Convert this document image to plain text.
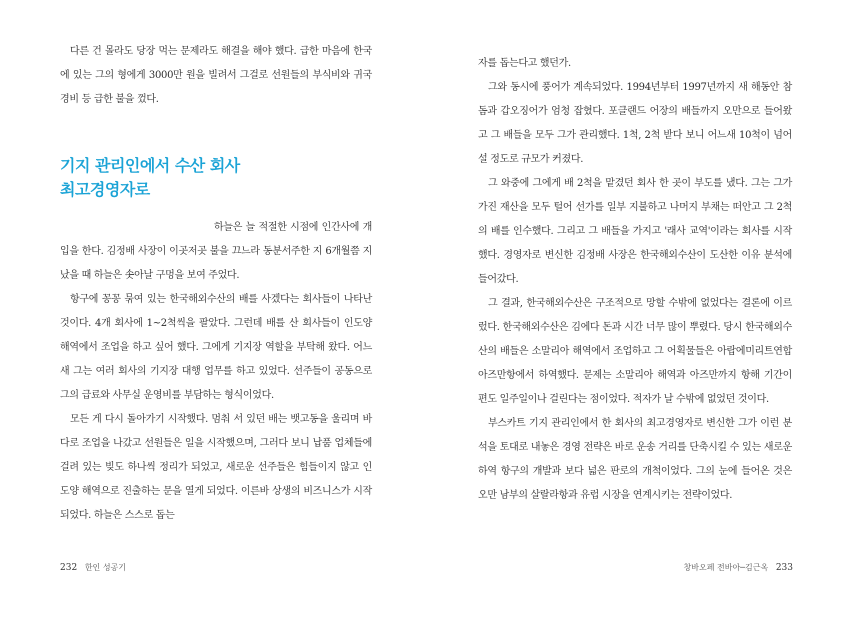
다른 건 몰라도 당장 먹는 문제라도 해결을 해야 했다. 급한 마음에 한국에 있는 그의 형에게 3000만 원을 빌려서 그걸로 선원들의 부식비와 귀국 경비 등 급한 불을 껐다.

기지 관리인에서 수산 회사
최고경영자로

하늘은 늘 적절한 시점에 인간사에 개입을 한다. 김정배 사장이 이곳저곳 불을 끄느라 동분서주한 지 6개월쯤 지났을 때 하늘은 솟아날 구멍을 보여 주었다.

항구에 꽁꽁 묶여 있는 한국해외수산의 배를 사겠다는 회사들이 나타난 것이다. 4개 회사에 1~2척씩을 팔았다. 그런데 배를 산 회사들이 인도양 해역에서 조업을 하고 싶어 했다. 그에게 기지장 역할을 부탁해 왔다. 어느새 그는 여러 회사의 기지장 대행 업무를 하고 있었다. 선주들이 공동으로 그의 급료와 사무실 운영비를 부담하는 형식이었다.

모든 게 다시 돌아가기 시작했다. 멈춰 서 있던 배는 뱃고동을 울리며 바다로 조업을 나갔고 선원들은 일을 시작했으며, 그러다 보니 납품 업체들에 걸려 있는 빚도 하나씩 정리가 되었고, 새로운 선주들은 힘들이지 않고 인도양 해역으로 진출하는 문을 열게 되었다. 이른바 상생의 비즈니스가 시작되었다. 하늘은 스스로 돕는

232 한인 성공기

자를 돕는다고 했던가.

그와 동시에 풍어가 계속되었다. 1994년부터 1997년까지 새 해동안 참돔과 갑오징어가 엄청 잡혔다. 포클랜드 어장의 배들까지 오만으로 들어왔고 그 배들을 모두 그가 관리했다. 1척, 2척 받다 보니 어느새 10척이 넘어설 정도로 규모가 커졌다.

그 와중에 그에게 배 2척을 맡겼던 회사 한 곳이 부도를 냈다. 그는 그가 가진 재산을 모두 털어 선가를 일부 지불하고 나머지 부채는 떠안고 그 2척의 배를 인수했다. 그리고 그 배들을 가지고 '래사 교역'이라는 회사를 시작했다. 경영자로 변신한 김정배 사장은 한국해외수산이 도산한 이유 분석에 들어갔다.

그 결과, 한국해외수산은 구조적으로 망할 수밖에 없었다는 결론에 이르렀다. 한국해외수산은 김에다 돈과 시간 너무 많이 뿌렸다. 당시 한국해외수산의 배들은 소말리아 해역에서 조업하고 그 어획물들은 아랍에미리트연합 아즈만항에서 하역했다. 문제는 소말리아 해역과 아즈만까지 항해 기간이 편도 일주일이나 걸린다는 점이었다. 적자가 날 수밖에 없었던 것이다.

부스카트 기지 관리인에서 한 회사의 최고경영자로 변신한 그가 이런 분석을 토대로 내놓은 경영 전략은 바로 운송 거리를 단축시킬 수 있는 새로운 하역 항구의 개발과 보다 넓은 판로의 개척이었다. 그의 눈에 들어온 것은 오만 남부의 살랄라항과 유럽 시장을 연계시키는 전략이었다.

창바오페 전바아─김근옥 233
